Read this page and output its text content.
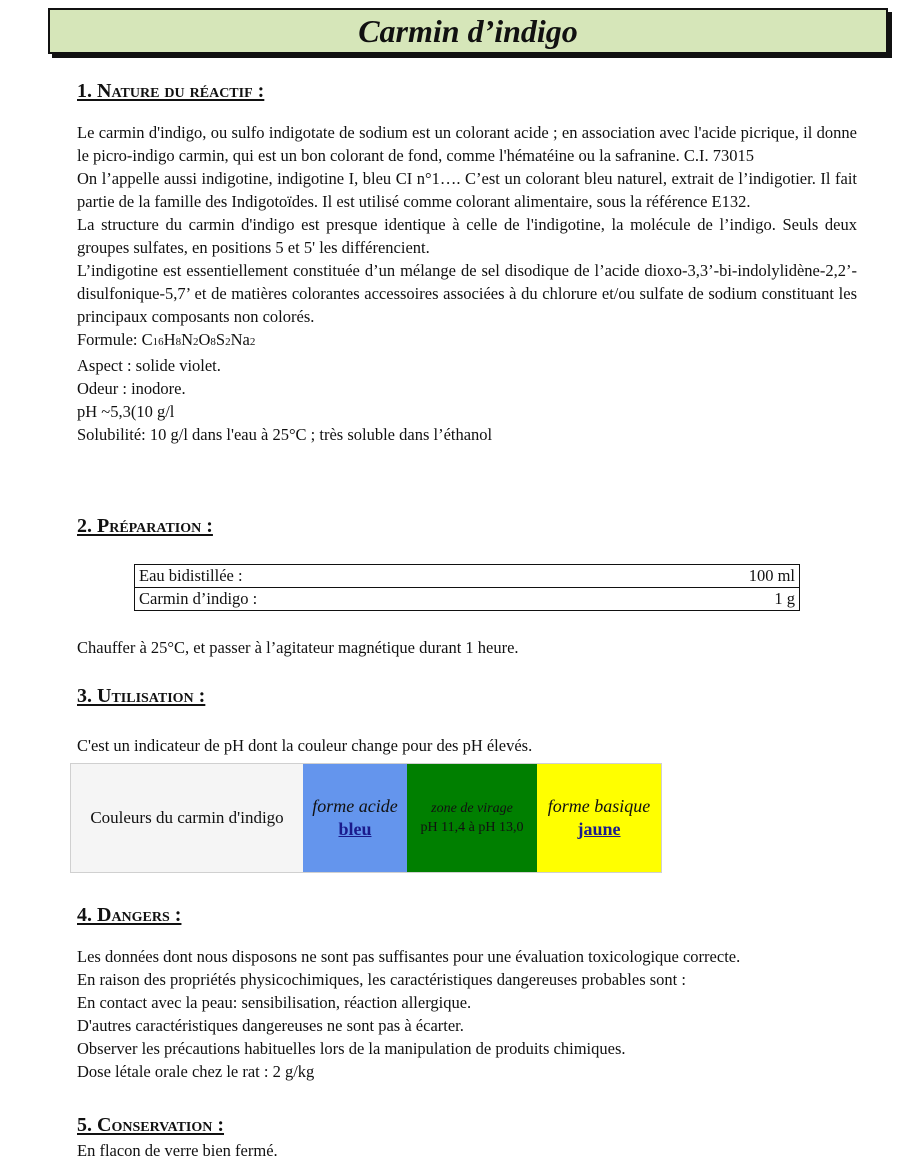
Carmin d’indigo
1. Nature du réactif :

Le carmin d'indigo, ou sulfo indigotate de sodium est un colorant acide ; en association avec l'acide picrique, il donne le picro-indigo carmin, qui est un bon colorant de fond, comme l'hématéine ou la safranine. C.I. 73015

On l’appelle aussi indigotine, indigotine I, bleu CI n°1…. C’est un colorant bleu naturel, extrait de l’indigotier. Il fait partie de la famille des Indigotoïdes. Il est utilisé comme colorant alimentaire, sous la référence E132.

La structure du carmin d'indigo est presque identique à celle de l'indigotine, la molécule de l’indigo. Seuls deux groupes sulfates, en positions 5 et 5' les différencient.

L’indigotine est essentiellement constituée d’un mélange de sel disodique de l’acide dioxo-3,3’-bi-indolylidène-2,2’-disulfonique-5,7’ et de matières colorantes accessoires associées à du chlorure et/ou sulfate de sodium constituant les principaux composants non colorés.

Formule: C16H8N2O8S2Na2

Aspect : solide violet.

Odeur : inodore.

pH ~5,3(10 g/l

Solubilité: 10 g/l dans l'eau à 25°C ; très soluble dans l’éthanol

2. Préparation :
Eau bidistillée :	100 ml
Carmin d’indigo :	1 g
Chauffer à 25°C, et passer à l’agitateur magnétique durant 1 heure.
3. Utilisation :
C'est un indicateur de pH dont la couleur change pour des pH élevés.
Couleurs du carmin d'indigo
forme acide
bleu
zone de virage
pH 11,4 à pH 13,0
forme basique
jaune
4. Dangers :

Les données dont nous disposons ne sont pas suffisantes pour une évaluation toxicologique correcte.

En raison des propriétés physicochimiques, les caractéristiques dangereuses probables sont :

En contact avec la peau: sensibilisation, réaction allergique.

D'autres caractéristiques dangereuses ne sont pas à écarter.

Observer les précautions habituelles lors de la manipulation de produits chimiques.

Dose létale orale chez le rat : 2 g/kg

5. Conservation :
En flacon de verre bien fermé.
